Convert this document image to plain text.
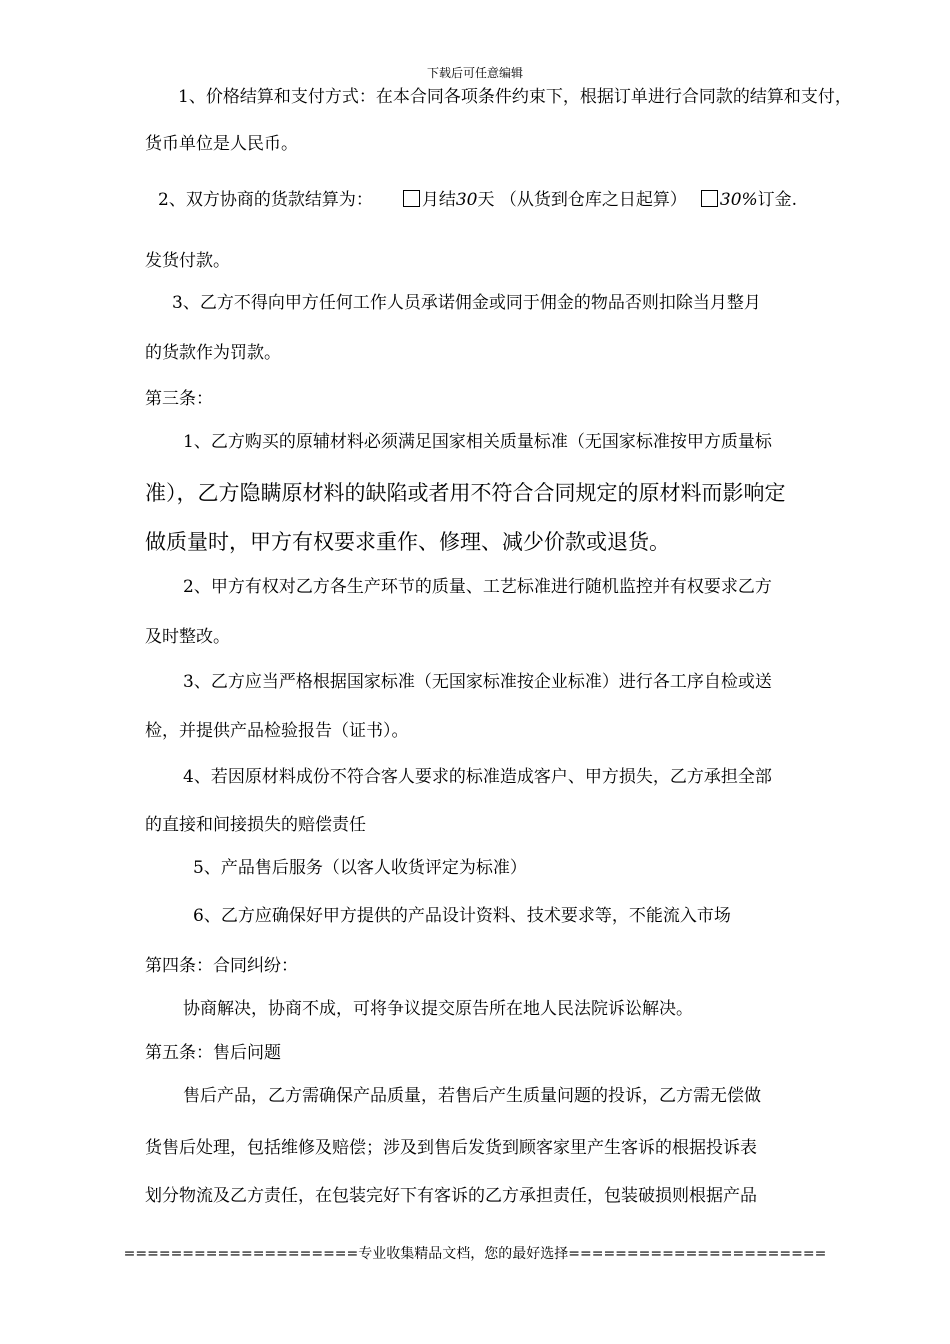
下载后可任意编辑
1、价格结算和支付方式：在本合同各项条件约束下，根据订单进行合同款的结算和支付，
货币单位是人民币。
2、双方协商的货款结算为：	月结30天 （从货到仓库之日起算） 30%订金.
发货付款。
3、乙方不得向甲方任何工作人员承诺佣金或同于佣金的物品否则扣除当月整月
的货款作为罚款。
第三条：
1、乙方购买的原辅材料必须满足国家相关质量标准（无国家标准按甲方质量标
准），乙方隐瞒原材料的缺陷或者用不符合合同规定的原材料而影响定
做质量时，甲方有权要求重作、修理、减少价款或退货。
2、甲方有权对乙方各生产环节的质量、工艺标准进行随机监控并有权要求乙方
及时整改。
3、乙方应当严格根据国家标准（无国家标准按企业标准）进行各工序自检或送
检，并提供产品检验报告（证书）。
4、若因原材料成份不符合客人要求的标准造成客户、甲方损失，乙方承担全部
的直接和间接损失的赔偿责任
5、产品售后服务（以客人收货评定为标准）
6、乙方应确保好甲方提供的产品设计资料、技术要求等，不能流入市场
第四条：合同纠纷：
协商解决，协商不成，可将争议提交原告所在地人民法院诉讼解决。
第五条：售后问题
售后产品，乙方需确保产品质量，若售后产生质量问题的投诉，乙方需无偿做
货售后处理，包括维修及赔偿；涉及到售后发货到顾客家里产生客诉的根据投诉表
划分物流及乙方责任，在包装完好下有客诉的乙方承担责任，包装破损则根据产品
====================专业收集精品文档，您的最好选择======================
